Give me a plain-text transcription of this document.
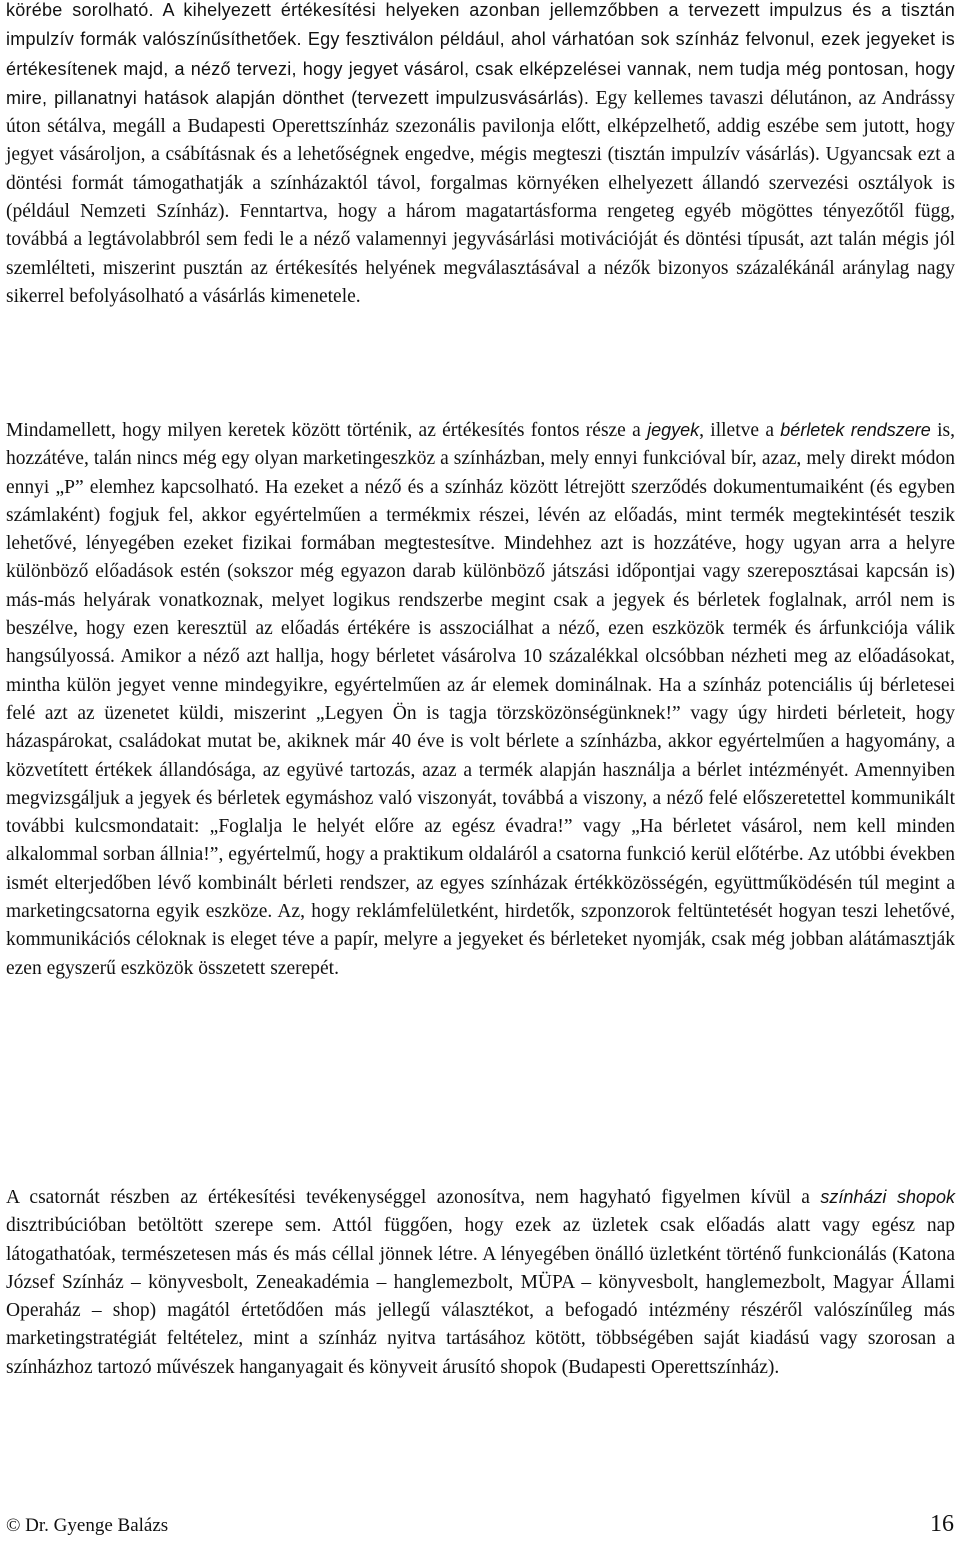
körébe sorolható. A kihelyezett értékesítési helyeken azonban jellemzőbben a tervezett impulzus és a tisztán impulzív formák valószínűsíthetőek. Egy fesztiválon például, ahol várhatóan sok színház felvonul, ezek jegyeket is értékesítenek majd, a néző tervezi, hogy jegyet vásárol, csak elképzelései vannak, nem tudja még pontosan, hogy mire, pillanatnyi hatások alapján dönthet (tervezett impulzusvásárlás). Egy kellemes tavaszi délutánon, az Andrássy úton sétálva, megáll a Budapesti Operettszínház szezonális pavilonja előtt, elképzelhető, addig eszébe sem jutott, hogy jegyet vásároljon, a csábításnak és a lehetőségnek engedve, mégis megteszi (tisztán impulzív vásárlás). Ugyancsak ezt a döntési formát támogathatják a színházaktól távol, forgalmas környéken elhelyezett állandó szervezési osztályok is (például Nemzeti Színház). Fenntartva, hogy a három magatartásforma rengeteg egyéb mögöttes tényezőtől függ, továbbá a legtávolabbról sem fedi le a néző valamennyi jegyvásárlási motivációját és döntési típusát, azt talán mégis jól szemlélteti, miszerint pusztán az értékesítés helyének megválasztásával a nézők bizonyos százalékánál aránylag nagy sikerrel befolyásolható a vásárlás kimenetele.

Mindamellett, hogy milyen keretek között történik, az értékesítés fontos része a jegyek, illetve a bérletek rendszere is, hozzátéve, talán nincs még egy olyan marketingeszköz a színházban, mely ennyi funkcióval bír, azaz, mely direkt módon ennyi „P” elemhez kapcsolható. Ha ezeket a néző és a színház között létrejött szerződés dokumentumaiként (és egyben számlaként) fogjuk fel, akkor egyértelműen a termékmix részei, lévén az előadás, mint termék megtekintését teszik lehetővé, lényegében ezeket fizikai formában megtestesítve. Mindehhez azt is hozzátéve, hogy ugyan arra a helyre különböző előadások estén (sokszor még egyazon darab különböző játszási időpontjai vagy szereposztásai kapcsán is) más-más helyárak vonatkoznak, melyet logikus rendszerbe megint csak a jegyek és bérletek foglalnak, arról nem is beszélve, hogy ezen keresztül az előadás értékére is asszociálhat a néző, ezen eszközök termék és árfunkciója válik hangsúlyossá. Amikor a néző azt hallja, hogy bérletet vásárolva 10 százalékkal olcsóbban nézheti meg az előadásokat, mintha külön jegyet venne mindegyikre, egyértelműen az ár elemek dominálnak. Ha a színház potenciális új bérletesei felé azt az üzenetet küldi, miszerint „Legyen Ön is tagja törzsközönségünknek!” vagy úgy hirdeti bérleteit, hogy házaspárokat, családokat mutat be, akiknek már 40 éve is volt bérlete a színházba, akkor egyértelműen a hagyomány, a közvetített értékek állandósága, az együvé tartozás, azaz a termék alapján használja a bérlet intézményét. Amennyiben megvizsgáljuk a jegyek és bérletek egymáshoz való viszonyát, továbbá a viszony, a néző felé előszeretettel kommunikált további kulcsmondatait: „Foglalja le helyét előre az egész évadra!” vagy „Ha bérletet vásárol, nem kell minden alkalommal sorban állnia!”, egyértelmű, hogy a praktikum oldaláról a csatorna funkció kerül előtérbe. Az utóbbi években ismét elterjedőben lévő kombinált bérleti rendszer, az egyes színházak értékközösségén, együttműködésén túl megint a marketingcsatorna egyik eszköze. Az, hogy reklámfelületként, hirdetők, szponzorok feltüntetését hogyan teszi lehetővé, kommunikációs céloknak is eleget téve a papír, melyre a jegyeket és bérleteket nyomják, csak még jobban alátámasztják ezen egyszerű eszközök összetett szerepét.

A csatornát részben az értékesítési tevékenységgel azonosítva, nem hagyható figyelmen kívül a színházi shopok disztribúcióban betöltött szerepe sem. Attól függően, hogy ezek az üzletek csak előadás alatt vagy egész nap látogathatóak, természetesen más és más céllal jönnek létre. A lényegében önálló üzletként történő funkcionálás (Katona József Színház – könyvesbolt, Zeneakadémia – hanglemezbolt, MÜPA – könyvesbolt, hanglemezbolt, Magyar Állami Operaház – shop) magától értetődően más jellegű választékot, a befogadó intézmény részéről valószínűleg más marketingstratégiát feltételez, mint a színház nyitva tartásához kötött, többségében saját kiadású vagy szorosan a színházhoz tartozó művészek hanganyagait és könyveit árusító shopok (Budapesti Operettszínház).

© Dr. Gyenge Balázs	16
